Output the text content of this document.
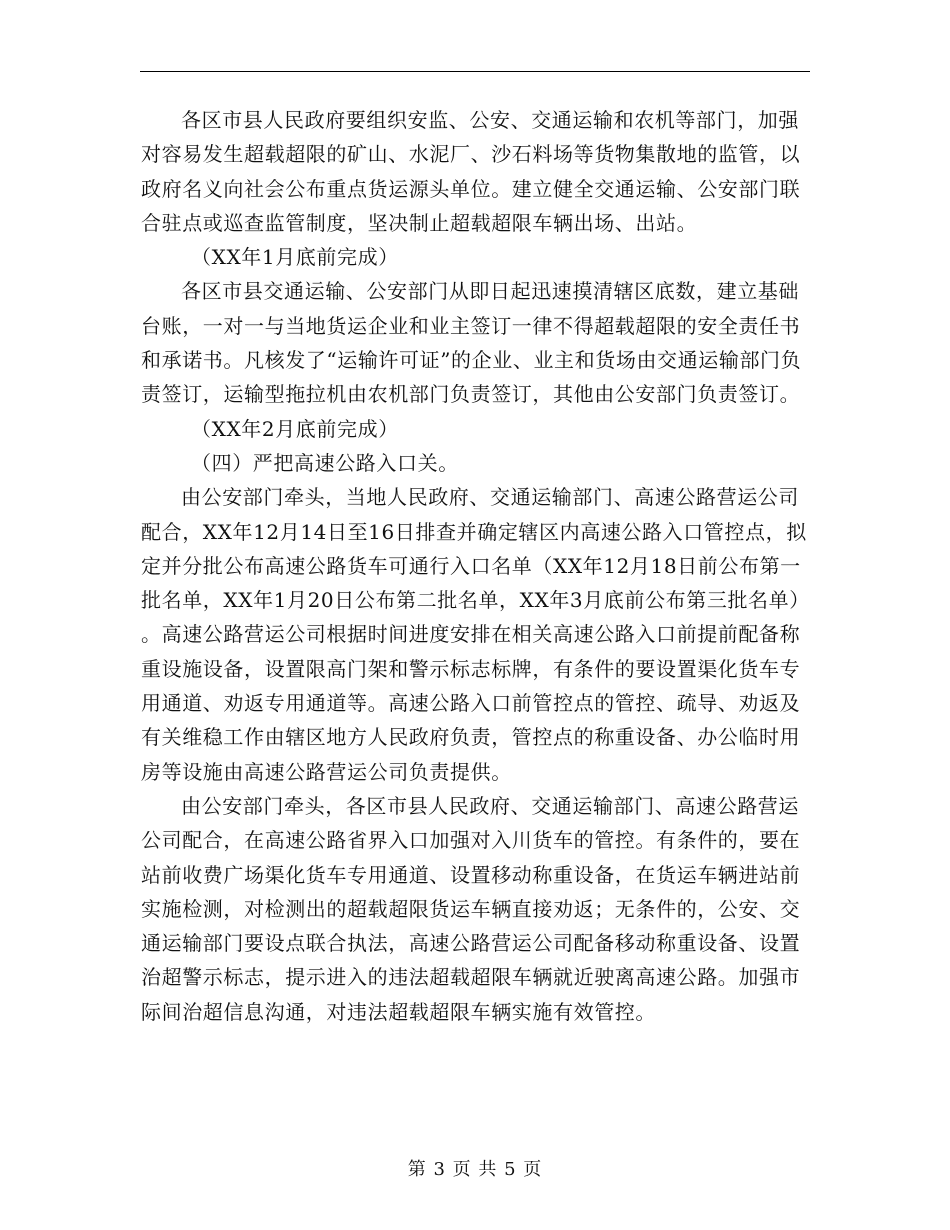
各区市县人民政府要组织安监、公安、交通运输和农机等部门，加强对容易发生超载超限的矿山、水泥厂、沙石料场等货物集散地的监管，以政府名义向社会公布重点货运源头单位。建立健全交通运输、公安部门联合驻点或巡查监管制度，坚决制止超载超限车辆出场、出站。

（XX年1月底前完成）

各区市县交通运输、公安部门从即日起迅速摸清辖区底数，建立基础台账，一对一与当地货运企业和业主签订一律不得超载超限的安全责任书和承诺书。凡核发了“运输许可证”的企业、业主和货场由交通运输部门负责签订，运输型拖拉机由农机部门负责签订，其他由公安部门负责签订。

（XX年2月底前完成）

（四）严把高速公路入口关。

由公安部门牵头，当地人民政府、交通运输部门、高速公路营运公司配合，XX年12月14日至16日排查并确定辖区内高速公路入口管控点，拟定并分批公布高速公路货车可通行入口名单（XX年12月18日前公布第一批名单，XX年1月20日公布第二批名单，XX年3月底前公布第三批名单）。高速公路营运公司根据时间进度安排在相关高速公路入口前提前配备称重设施设备，设置限高门架和警示标志标牌，有条件的要设置渠化货车专用通道、劝返专用通道等。高速公路入口前管控点的管控、疏导、劝返及有关维稳工作由辖区地方人民政府负责，管控点的称重设备、办公临时用房等设施由高速公路营运公司负责提供。

由公安部门牵头，各区市县人民政府、交通运输部门、高速公路营运公司配合，在高速公路省界入口加强对入川货车的管控。有条件的，要在站前收费广场渠化货车专用通道、设置移动称重设备，在货运车辆进站前实施检测，对检测出的超载超限货运车辆直接劝返；无条件的，公安、交通运输部门要设点联合执法，高速公路营运公司配备移动称重设备、设置治超警示标志，提示进入的违法超载超限车辆就近驶离高速公路。加强市际间治超信息沟通，对违法超载超限车辆实施有效管控。

第 3 页 共 5 页
